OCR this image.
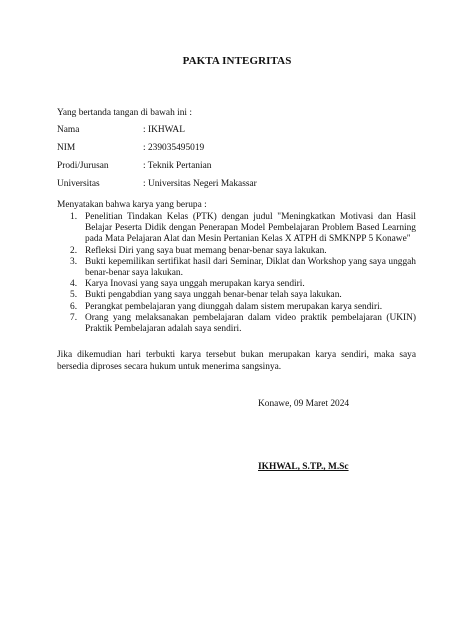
PAKTA INTEGRITAS
Yang bertanda tangan di bawah ini :
Nama	: IKHWAL
NIM	: 239035495019
Prodi/Jurusan	: Teknik Pertanian
Universitas	: Universitas Negeri Makassar
Menyatakan bahwa karya yang berupa :
1. Penelitian Tindakan Kelas (PTK) dengan judul "Meningkatkan Motivasi dan Hasil Belajar Peserta Didik dengan Penerapan Model Pembelajaran Problem Based Learning pada Mata Pelajaran Alat dan Mesin Pertanian Kelas X ATPH di SMKNPP 5 Konawe"
2. Refleksi Diri yang saya buat memang benar-benar saya lakukan.
3. Bukti kepemilikan sertifikat hasil dari Seminar, Diklat dan Workshop yang saya unggah benar-benar saya lakukan.
4. Karya Inovasi yang saya unggah merupakan karya sendiri.
5. Bukti pengabdian yang saya unggah benar-benar telah saya lakukan.
6. Perangkat pembelajaran yang diunggah dalam sistem merupakan karya sendiri.
7. Orang yang melaksanakan pembelajaran dalam video praktik pembelajaran (UKIN) Praktik Pembelajaran adalah saya sendiri.
Jika dikemudian hari terbukti karya tersebut bukan merupakan karya sendiri, maka saya bersedia diproses secara hukum untuk menerima sangsinya.
Konawe, 09 Maret 2024
IKHWAL, S.TP., M.Sc
